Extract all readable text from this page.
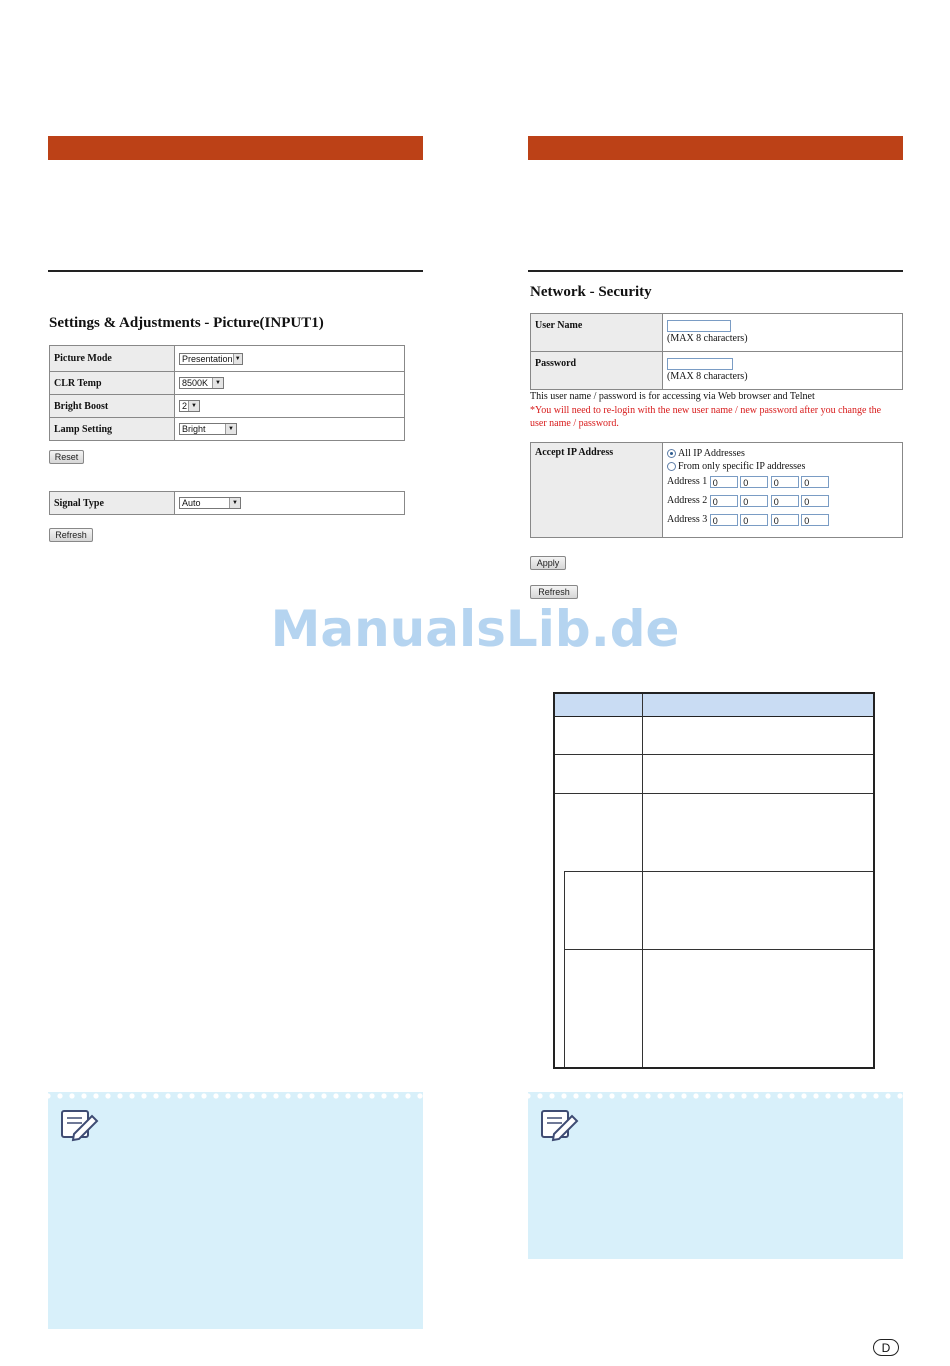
Settings & Adjustments - Picture(INPUT1)
Picture Mode	Presentation ▼

CLR Temp	8500K ▼

Bright Boost	2 ▼

Lamp Setting	Bright ▼
Reset
Signal Type	Auto	▼
Refresh
Network - Security
User Name	(MAX 8 characters)
Password	(MAX 8 characters)
This user name / password is for accessing via Web browser and Telnet
*You will need to re-login with the new user name / new password after you change the user name / password.
Accept IP Address	All IP Addresses
From only specific IP addresses
Address 1 0	0	0	0
Address 2 0	0	0	0
Address 3 0	0	0	0
Apply
Refresh
ManualsLib.de
D
